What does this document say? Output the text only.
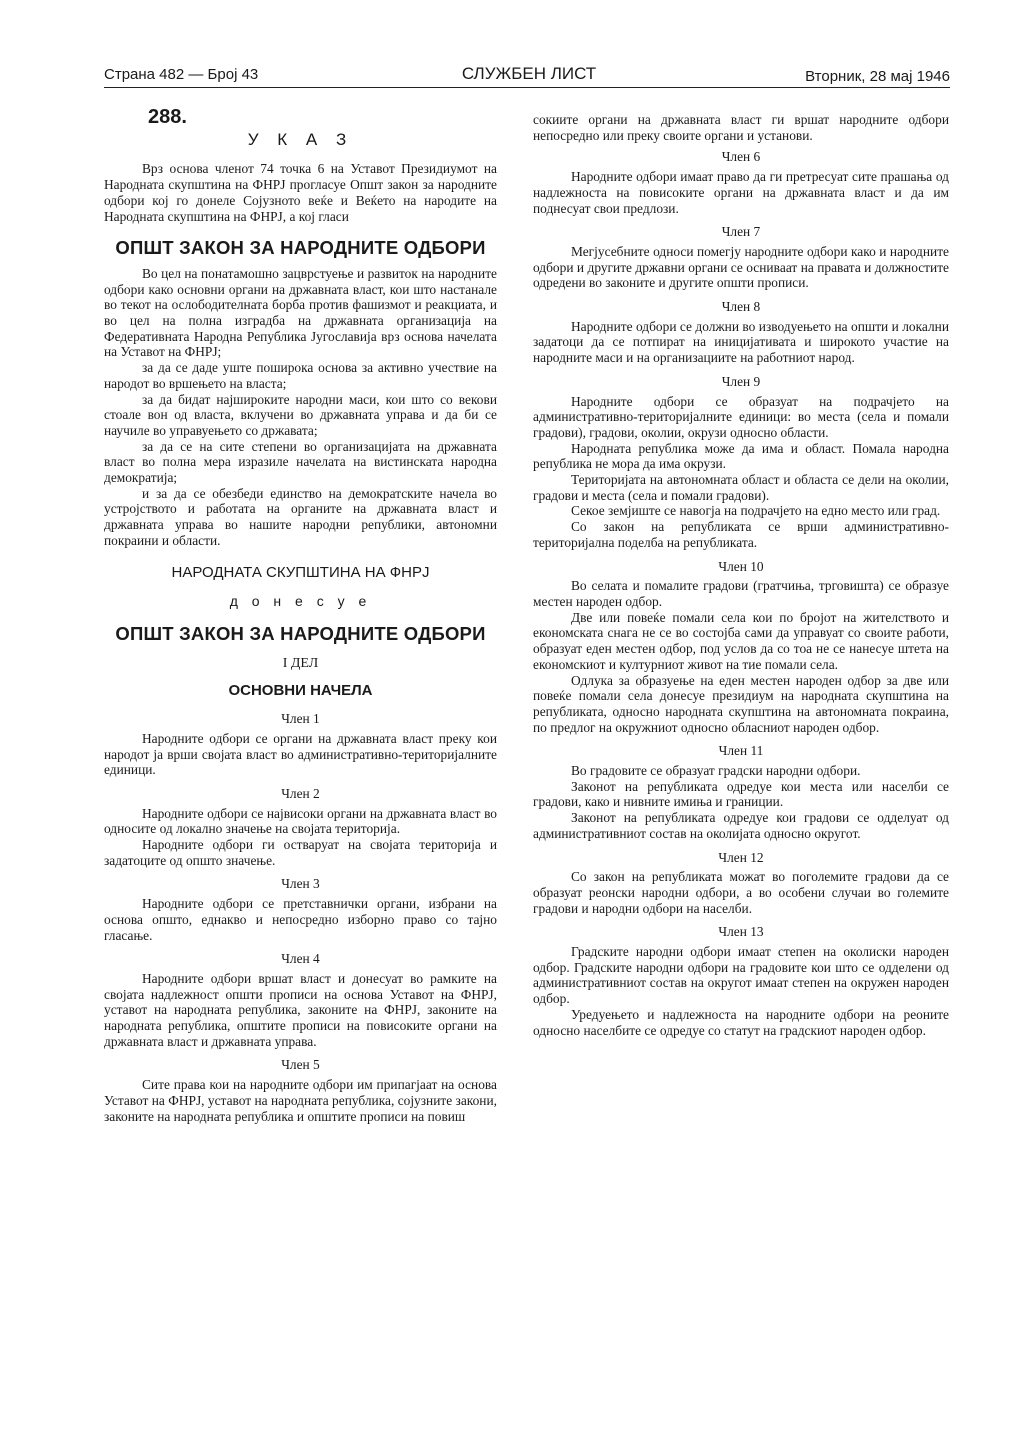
Страна 482 — Број 43	СЛУЖБЕН ЛИСТ	Вторник, 28 мај 1946
288.
У К А З

Врз основа членот 74 точка 6 на Уставот Президиумот на Народната скупштина на ФНРЈ прогласуе Општ закон за народните одбори кој го донеле Сојузното веќе и Веќето на народите на Народната скупштина на ФНРЈ, а кој гласи

ОПШТ ЗАКОН ЗА НАРОДНИТЕ ОДБОРИ

Во цел на понатамошно зацврстуење и развиток на народните одбори како основни органи на државната власт, кои што настанале во текот на ослободителната борба против фашизмот и реакциата, и во цел на полна изградба на државната организација на Федеративната Народна Република Југославија врз основа начелата на Уставот на ФНРЈ;

за да се даде уште поширока основа за активно учествие на народот во вршењето на власта;

за да бидат најшироките народни маси, кои што со векови стоале вон од власта, вклучени во државната управа и да би се научиле во управуењето со државата;

за да се на сите степени во организацијата на државната власт во полна мера изразиле начелата на вистинската народна демократија;

и за да се обезбеди единство на демократските начела во устројството и работата на органите на државната власт и државната управа во нашите народни републики, автономни покраини и области.

НАРОДНАТА СКУПШТИНА НА ФНРЈ
д о н е с у е
ОПШТ ЗАКОН ЗА НАРОДНИТЕ ОДБОРИ
I ДЕЛ
ОСНОВНИ НАЧЕЛА
Член 1

Народните одбори се органи на државната власт преку кои народот ја врши својата власт во административно-територијалните единици.

Член 2

Народните одбори се највисоки органи на државната власт во односите од локално значење на својата територија.

Народните одбори ги остваруат на својата територија и задатоците од општо значење.

Член 3

Народните одбори се претставнички органи, избрани на основа општо, еднакво и непосредно изборно право со тајно гласање.

Член 4

Народните одбори вршат власт и донесуат во рамките на својата надлежност општи прописи на основа Уставот на ФНРЈ, уставот на народната република, законите на ФНРЈ, законите на народната република, општите прописи на повисоките органи на државната власт и државната управа.

Член 5

Сите права кои на народните одбори им припагјаат на основа Уставот на ФНРЈ, уставот на народната република, сојузните закони, законите на народната република и општите прописи на повиш

сокиите органи на државната власт ги вршат народните одбори непосредно или преку своите органи и установи.

Член 6

Народните одбори имаат право да ги претресуат сите прашања од надлежноста на повисоките органи на државната власт и да им поднесуат свои предлози.

Член 7

Мегјусебните односи помегју народните одбори како и народните одбори и другите државни органи се оснивaат на правата и должностите одредени во законите и другите општи прописи.

Член 8

Народните одбори се должни во изводуењето на општи и локални задатоци да се потпират на иницијативата и широкото участие на народните маси и на организациите на работниот народ.

Член 9

Народните одбори се образуат на подрачјето на административно-територијалните единици: во места (села и помали градови), градови, околии, окрузи односно области.

Народната република може да има и област. Помала народна република не мора да има окрузи.

Територијата на автономната област и областа се дели на околии, градови и места (села и помали градови).

Секое земјиште се навогја на подрачјето на едно место или град.

Со закон на републиката се врши административно-територијална поделба на републиката.

Член 10

Во селата и помалите градови (гратчиња, трговишта) се образуе местен народен одбор.

Две или повеќе помали села кои по бројот на жителството и економската снага не се во состојба сами да управуат со своите работи, образуат еден местен одбор, под услов да со тоа не се нанесуе штета на економскиот и културниот живот на тие помали села.

Одлука за образуење на еден местен народен одбор за две или повеќе помали села донесуе президиум на народната скупштина на републиката, односно народната скупштина на автономната покраина, по предлог на окружниот односно обласниот народен одбор.

Член 11

Во градовите се образуат градски народни одбори.

Законот на републиката одредуе кои места или населби се градови, како и нивните имиња и границии.

Законот на републиката одредуе кои градови се одделуат од административниот состав на околијата односно округот.

Член 12

Со закон на републиката можат во поголемите градови да се образуат реонски народни одбори, а во особени случаи во големите градови и народни одбори на населби.

Член 13

Градските народни одбори имаат степен на околиски народен одбор. Градските народни одбори на градовите кои што се одделени од административниот состав на округот имаат степен на окружен народен одбор.

Уредуењето и надлежноста на народните одбори на реоните односно населбите се одредуе со статут на градскиот народен одбор.
